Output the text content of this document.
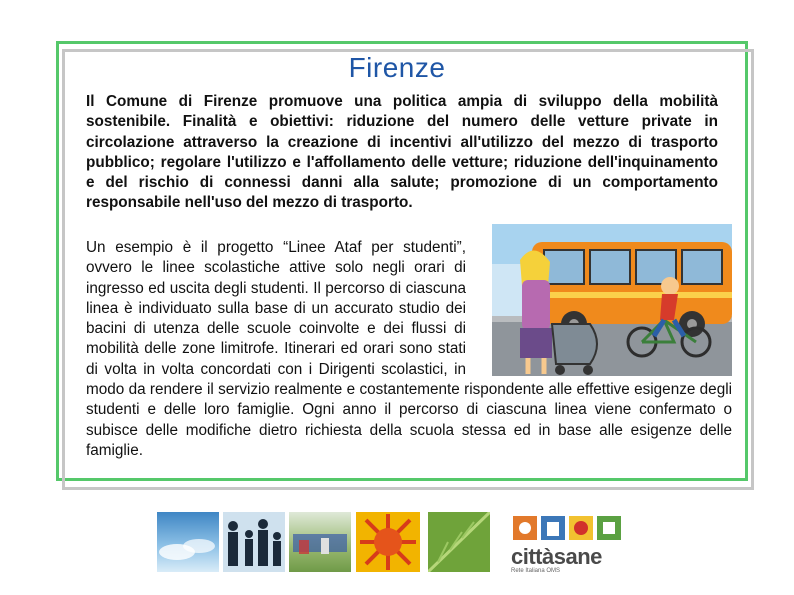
Firenze
Il Comune di Firenze promuove una politica ampia di sviluppo della mobilità sostenibile. Finalità e obiettivi: riduzione del numero delle vetture private in circolazione attraverso la creazione di incentivi all'utilizzo del mezzo di trasporto pubblico; regolare l'utilizzo e l'affollamento delle vetture; riduzione dell'inquinamento e del rischio di connessi danni alla salute; promozione di un comportamento responsabile nell'uso del mezzo di trasporto.
Un esempio è il progetto “Linee Ataf per studenti”, ovvero le linee scolastiche attive solo negli orari di ingresso ed uscita degli studenti. Il percorso di ciascuna linea è individuato sulla base di un accurato studio dei bacini di utenza delle scuole coinvolte e dei flussi di mobilità delle zone limitrofe. Itinerari ed orari sono stati di volta in volta concordati con i Dirigenti scolastici, in modo da rendere il servizio realmente e costantemente rispondente alle effettive esigenze degli studenti e delle loro famiglie. Ogni anno il percorso di ciascuna linea viene confermato o subisce delle modifiche dietro richiesta della scuola stessa ed in base alle esigenze delle famiglie.
cittàsane
Rete Italiana OMS
